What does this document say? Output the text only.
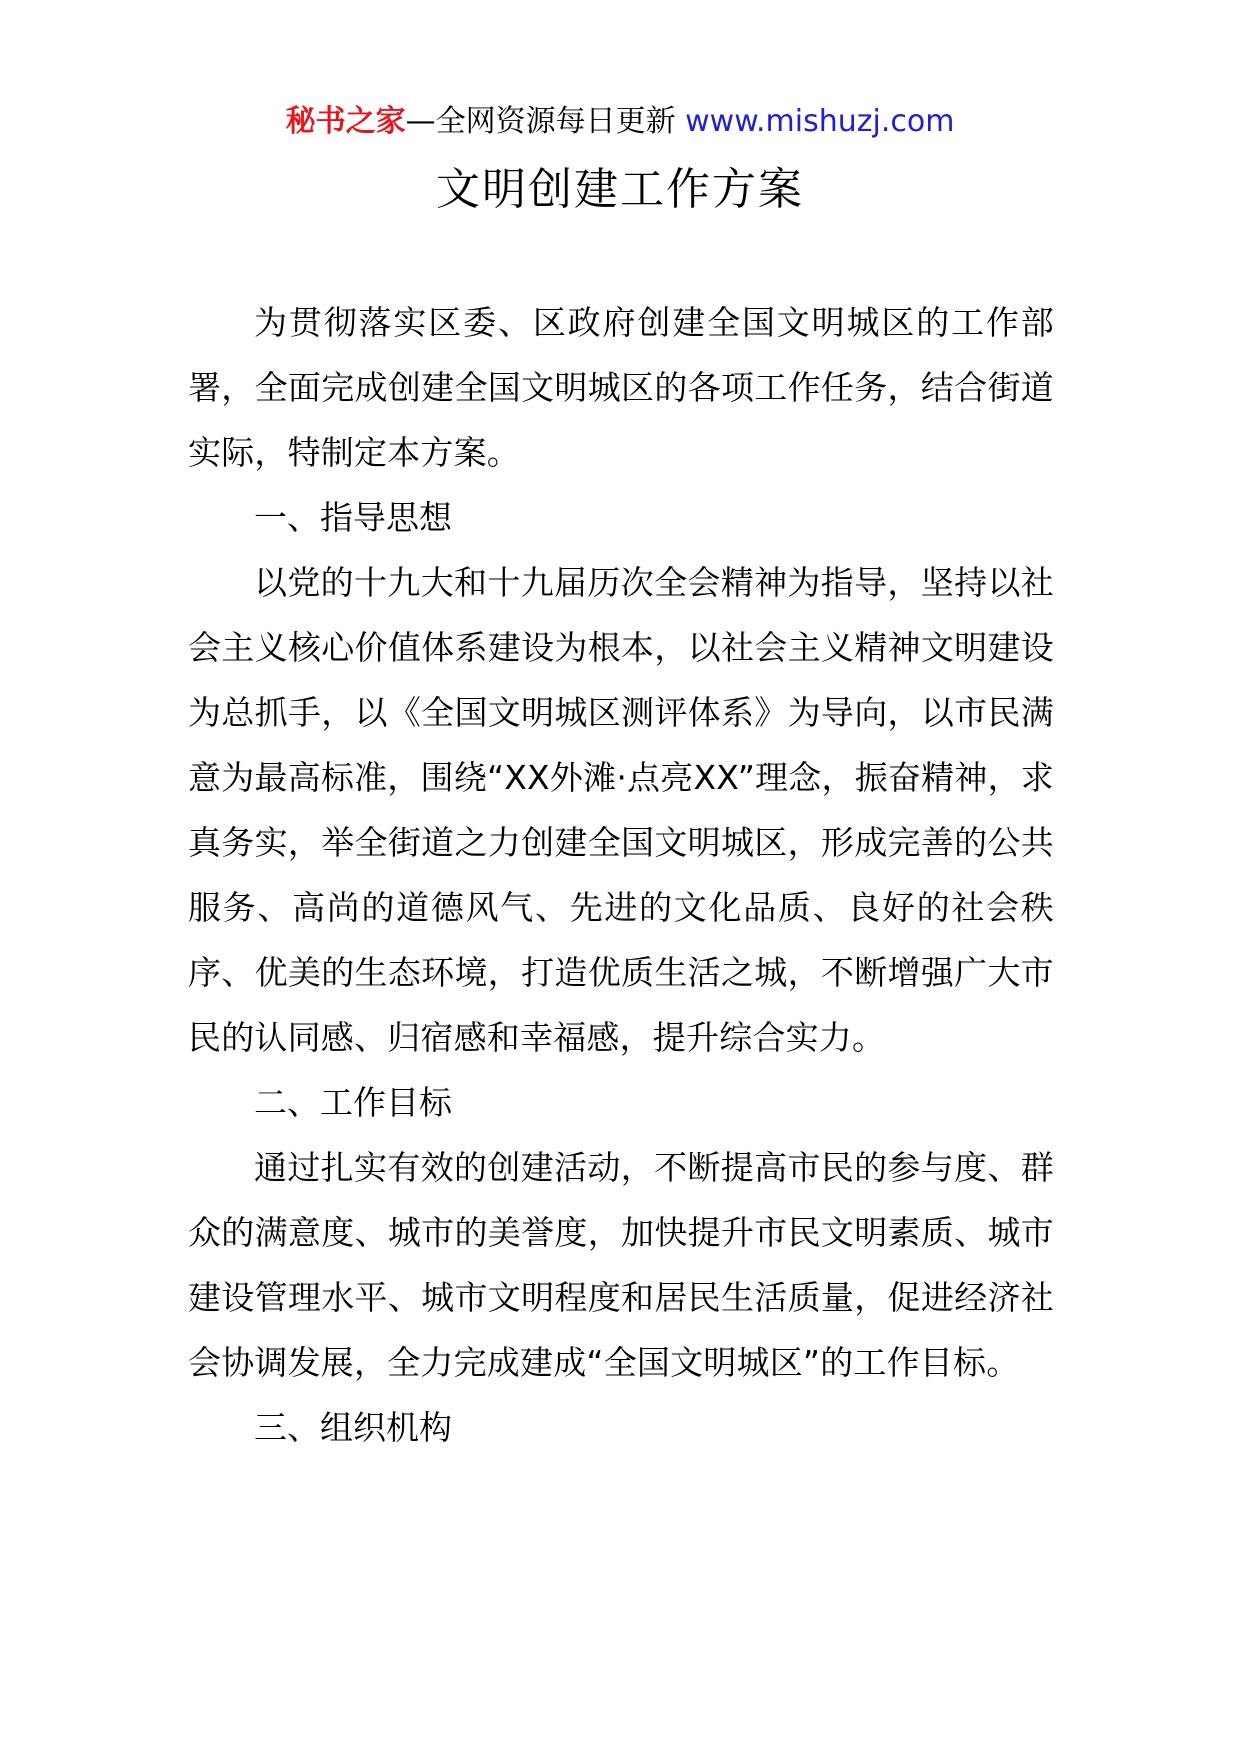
秘书之家—全网资源每日更新 www.mishuzj.com
文明创建工作方案

为贯彻落实区委、区政府创建全国文明城区的工作部署，全面完成创建全国文明城区的各项工作任务，结合街道实际，特制定本方案。

一、指导思想

以党的十九大和十九届历次全会精神为指导，坚持以社会主义核心价值体系建设为根本，以社会主义精神文明建设为总抓手，以《全国文明城区测评体系》为导向，以市民满意为最高标准，围绕“XX外滩·点亮XX”理念，振奋精神，求真务实，举全街道之力创建全国文明城区，形成完善的公共服务、高尚的道德风气、先进的文化品质、良好的社会秩序、优美的生态环境，打造优质生活之城，不断增强广大市民的认同感、归宿感和幸福感，提升综合实力。

二、工作目标

通过扎实有效的创建活动，不断提高市民的参与度、群众的满意度、城市的美誉度，加快提升市民文明素质、城市建设管理水平、城市文明程度和居民生活质量，促进经济社会协调发展，全力完成建成“全国文明城区”的工作目标。

三、组织机构
